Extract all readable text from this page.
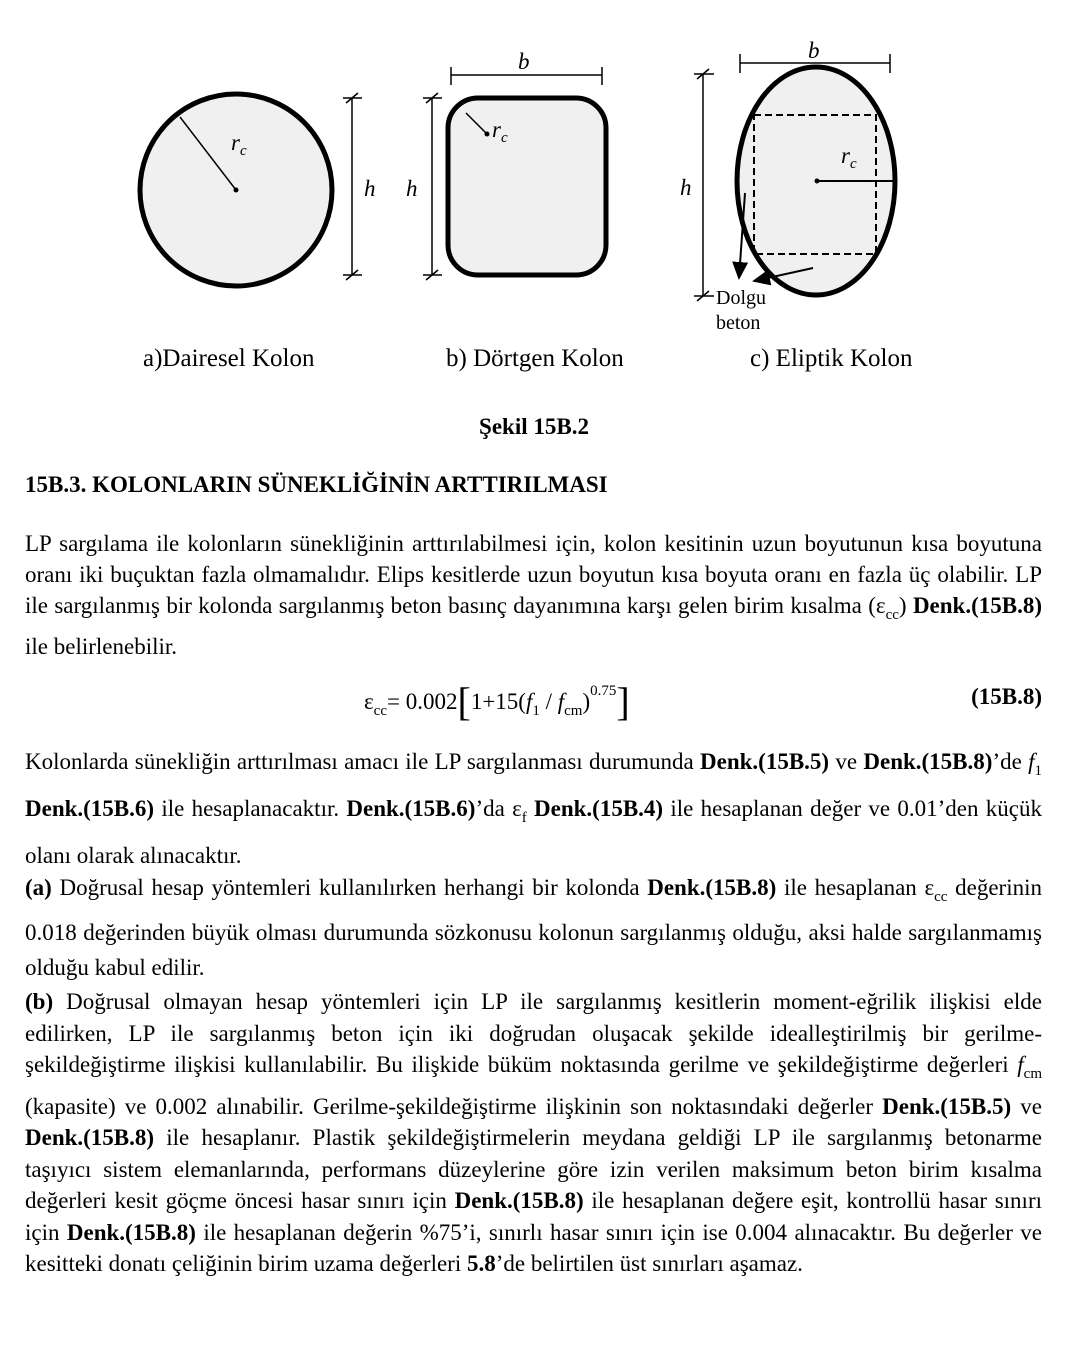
$r_c$
h h
b
$r_c$
b
h
$r_c$
Dolgu
beton
a)Dairesel Kolon	b) Dörtgen Kolon	c) Eliptik Kolon
Şekil 15B.2
15B.3. KOLONLARIN SÜNEKLİĞİNİN ARTTIRILMASI

LP sargılama ile kolonların sünekliğinin arttırılabilmesi için, kolon kesitinin uzun boyutunun kısa boyutuna oranı iki buçuktan fazla olmamalıdır. Elips kesitlerde uzun boyutun kısa boyuta oranı en fazla üç olabilir. LP ile sargılanmış bir kolonda sargılanmış beton basınç dayanımına karşı gelen birim kısalma $(\varepsilon_{cc})$ Denk.(15B.8) ile belirlenebilir.

$\varepsilon_{cc}= 0.002[1+15(f_1 / f_{cm})^{0.75}]$	(15B.8)

Kolonlarda sünekliğin arttırılması amacı ile LP sargılanması durumunda Denk.(15B.5) ve Denk.(15B.8)’de $f_1$ Denk.(15B.6) ile hesaplanacaktır. Denk.(15B.6)’da $\varepsilon_f$ Denk.(15B.4) ile hesaplanan değer ve 0.01’den küçük olanı olarak alınacaktır.

(a) Doğrusal hesap yöntemleri kullanılırken herhangi bir kolonda Denk.(15B.8) ile hesaplanan $\varepsilon_{cc}$ değerinin 0.018 değerinden büyük olması durumunda sözkonusu kolonun sargılanmış olduğu, aksi halde sargılanmamış olduğu kabul edilir.

(b) Doğrusal olmayan hesap yöntemleri için LP ile sargılanmış kesitlerin moment-eğrilik ilişkisi elde edilirken, LP ile sargılanmış beton için iki doğrudan oluşacak şekilde idealleştirilmiş bir gerilme-şekildeğiştirme ilişkisi kullanılabilir. Bu ilişkide büküm noktasında gerilme ve şekildeğiştirme değerleri $f_{cm}$ (kapasite) ve 0.002 alınabilir. Gerilme-şekildeğiştirme ilişkinin son noktasındaki değerler Denk.(15B.5) ve Denk.(15B.8) ile hesaplanır. Plastik şekildeğiştirmelerin meydana geldiği LP ile sargılanmış betonarme taşıyıcı sistem elemanlarında, performans düzeylerine göre izin verilen maksimum beton birim kısalma değerleri kesit göçme öncesi hasar sınırı için Denk.(15B.8) ile hesaplanan değere eşit, kontrollü hasar sınırı için Denk.(15B.8) ile hesaplanan değerin %75’i, sınırlı hasar sınırı için ise 0.004 alınacaktır. Bu değerler ve kesitteki donatı çeliğinin birim uzama değerleri 5.8’de belirtilen üst sınırları aşamaz.
